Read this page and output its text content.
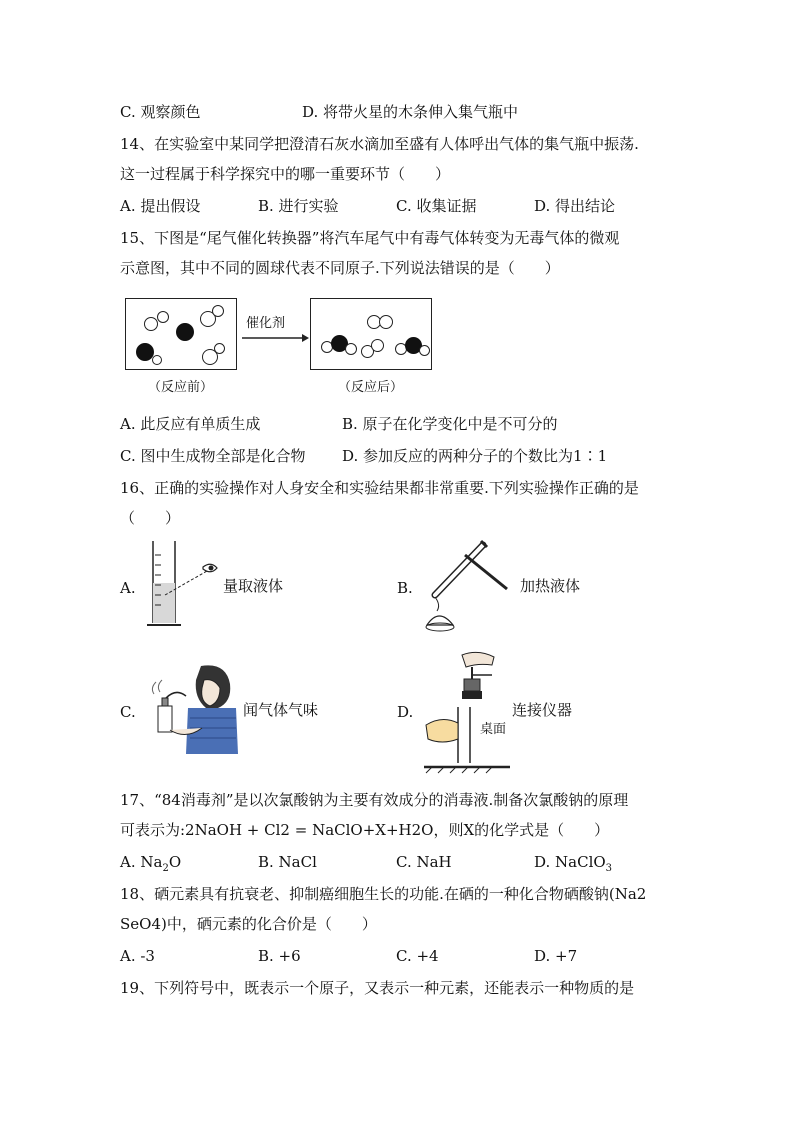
C. 观察颜色	D. 将带火星的木条伸入集气瓶中
14、在实验室中某同学把澄清石灰水滴加至盛有人体呼出气体的集气瓶中振荡.
这一过程属于科学探究中的哪一重要环节（　　）
A. 提出假设	B. 进行实验	C. 收集证据	D. 得出结论
15、下图是“尾气催化转换器”将汽车尾气中有毒气体转变为无毒气体的微观
示意图，其中不同的圆球代表不同原子.下列说法错误的是（　　）
催化剂
（反应前）	（反应后）
A. 此反应有单质生成	B. 原子在化学变化中是不可分的
C. 图中生成物全部是化合物 D. 参加反应的两种分子的个数比为1∶1
16、正确的实验操作对人身安全和实验结果都非常重要.下列实验操作正确的是
（　　）
A.	量取液体	B.	加热液体
C.	闻气体气味	D.
桌面
连接仪器
17、“84消毒剂”是以次氯酸钠为主要有效成分的消毒液.制备次氯酸钠的原理
可表示为:2NaOH + Cl2 = NaClO+X+H2O，则X的化学式是（　　）
A. $Na_2O$	B. NaCl	C. NaH	D. NaClO$_3$
18、硒元素具有抗衰老、抑制癌细胞生长的功能.在硒的一种化合物硒酸钠(Na2
SeO4)中，硒元素的化合价是（　　）
A. -3	B. +6	C. +4	D. +7
19、下列符号中，既表示一个原子，又表示一种元素，还能表示一种物质的是
